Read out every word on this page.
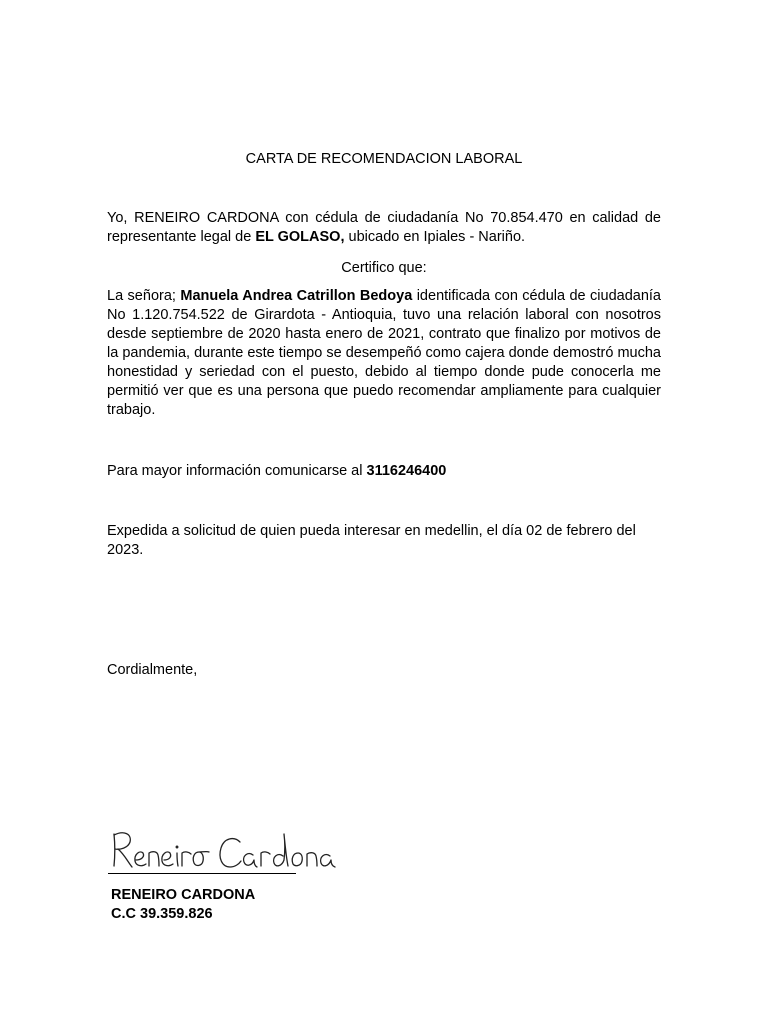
CARTA DE RECOMENDACION LABORAL
Yo, RENEIRO CARDONA con cédula de ciudadanía No 70.854.470 en calidad de representante legal de EL GOLASO, ubicado en Ipiales - Nariño.
Certifico que:
La señora; Manuela Andrea Catrillon Bedoya identificada con cédula de ciudadanía No 1.120.754.522 de Girardota - Antioquia, tuvo una relación laboral con nosotros desde septiembre de 2020 hasta enero de 2021, contrato que finalizo por motivos de la pandemia, durante este tiempo se desempeñó como cajera donde demostró mucha honestidad y seriedad con el puesto, debido al tiempo donde pude conocerla me permitió ver que es una persona que puedo recomendar ampliamente para cualquier trabajo.
Para mayor información comunicarse al 3116246400
Expedida a solicitud de quien pueda interesar en medellin, el día 02 de febrero del 2023.
Cordialmente,
RENEIRO CARDONA
C.C 39.359.826
